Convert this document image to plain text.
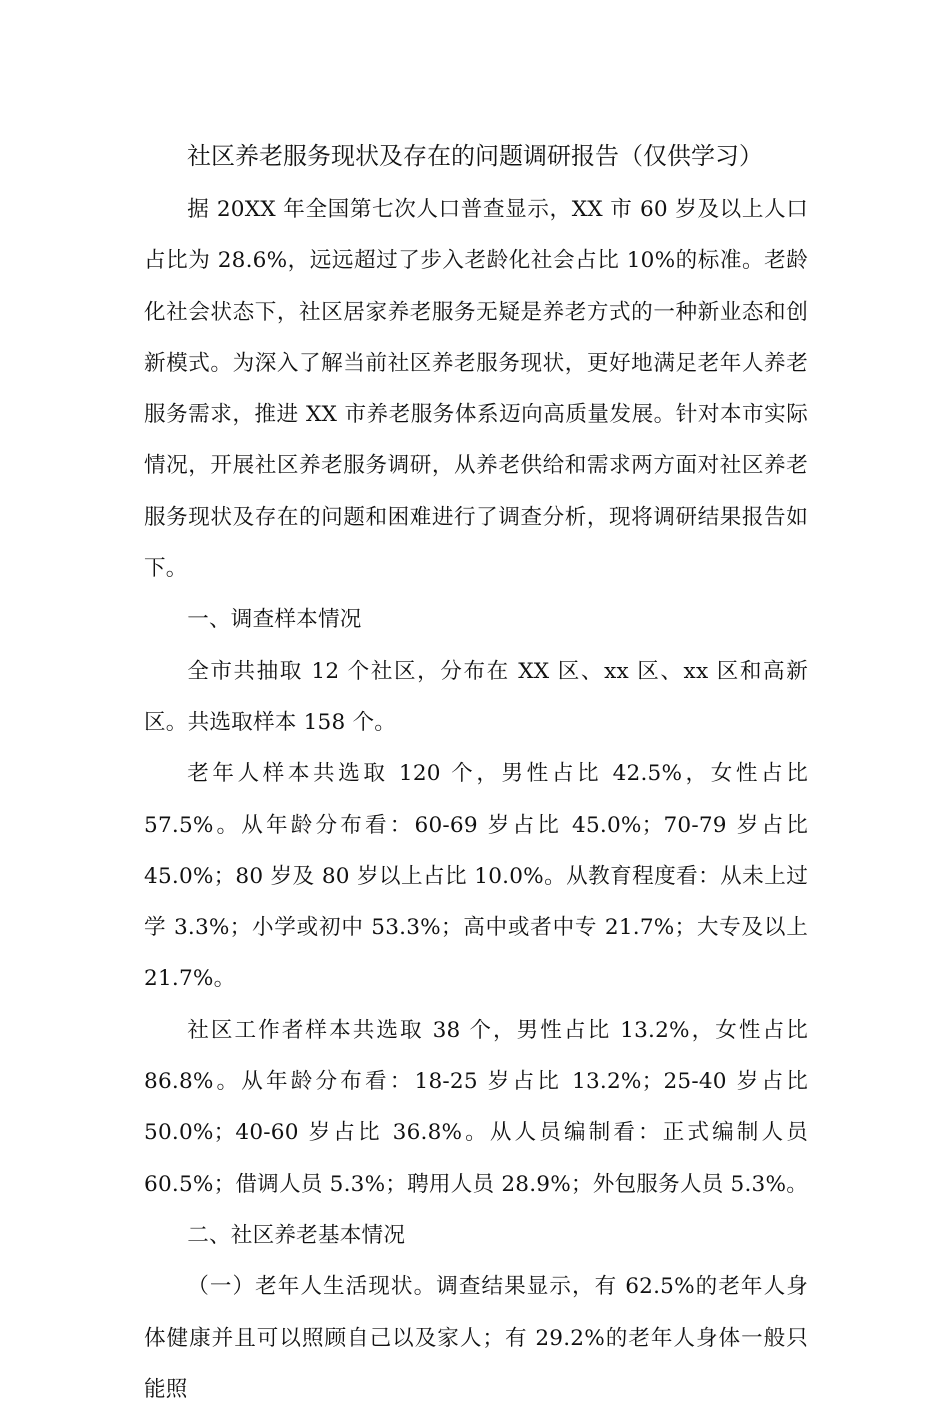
社区养老服务现状及存在的问题调研报告（仅供学习）

据 20XX 年全国第七次人口普查显示，XX 市 60 岁及以上人口占比为 28.6%，远远超过了步入老龄化社会占比 10%的标准。老龄化社会状态下，社区居家养老服务无疑是养老方式的一种新业态和创新模式。为深入了解当前社区养老服务现状，更好地满足老年人养老服务需求，推进 XX 市养老服务体系迈向高质量发展。针对本市实际情况，开展社区养老服务调研，从养老供给和需求两方面对社区养老服务现状及存在的问题和困难进行了调查分析，现将调研结果报告如下。

一、调查样本情况

全市共抽取 12 个社区，分布在 XX 区、xx 区、xx 区和高新区。共选取样本 158 个。

老年人样本共选取 120 个，男性占比 42.5%，女性占比 57.5%。从年龄分布看：60-69 岁占比 45.0%；70-79 岁占比 45.0%；80 岁及 80 岁以上占比 10.0%。从教育程度看：从未上过学 3.3%；小学或初中 53.3%；高中或者中专 21.7%；大专及以上 21.7%。

社区工作者样本共选取 38 个，男性占比 13.2%，女性占比 86.8%。从年龄分布看：18-25 岁占比 13.2%；25-40 岁占比 50.0%；40-60 岁占比 36.8%。从人员编制看：正式编制人员 60.5%；借调人员 5.3%；聘用人员 28.9%；外包服务人员 5.3%。

二、社区养老基本情况

（一）老年人生活现状。调查结果显示，有 62.5%的老年人身体健康并且可以照顾自己以及家人；有 29.2%的老年人身体一般只能照
